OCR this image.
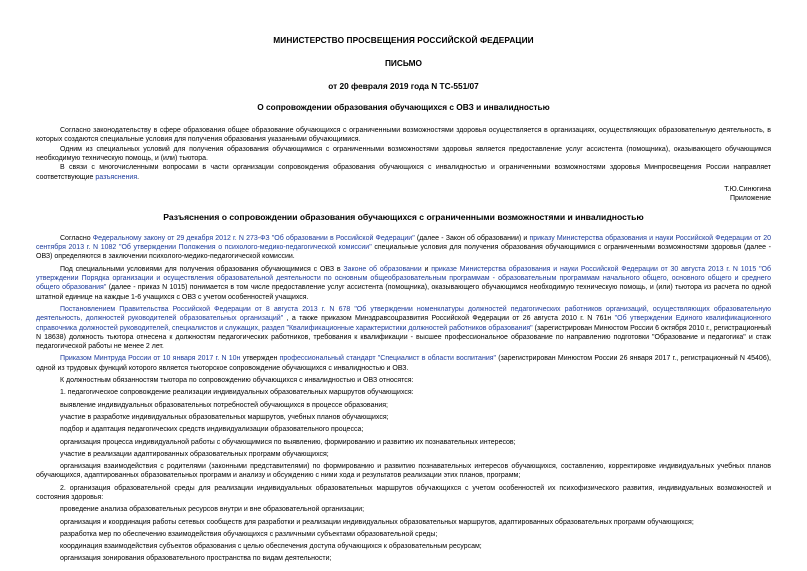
МИНИСТЕРСТВО ПРОСВЕЩЕНИЯ РОССИЙСКОЙ ФЕДЕРАЦИИ
ПИСЬМО
от 20 февраля 2019 года N ТС-551/07
О сопровождении образования обучающихся с ОВЗ и инвалидностью

Согласно законодательству в сфере образования общее образование обучающихся с ограниченными возможностями здоровья осуществляется в организациях, осуществляющих образовательную деятельность, в которых создаются специальные условия для получения образования указанными обучающимися.

Одним из специальных условий для получения образования обучающимися с ограниченными возможностями здоровья является предоставление услуг ассистента (помощника), оказывающего обучающимся необходимую техническую помощь, и (или) тьютора.

В связи с многочисленными вопросами в части организации сопровождения образования обучающихся с инвалидностью и ограниченными возможностями здоровья Минпросвещения России направляет соответствующие разъяснения.

Т.Ю.Синюгина
Приложение
Разъяснения о сопровождении образования обучающихся с ограниченными возможностями и инвалидностью

Согласно Федеральному закону от 29 декабря 2012 г. N 273-ФЗ "Об образовании в Российской Федерации" (далее - Закон об образовании) и приказу Министерства образования и науки Российской Федерации от 20 сентября 2013 г. N 1082 "Об утверждении Положения о психолого-медико-педагогической комиссии" специальные условия для получения образования обучающимися с ограниченными возможностями здоровья (далее - ОВЗ) определяются в заключении психолого-медико-педагогической комиссии.

Под специальными условиями для получения образования обучающимися с ОВЗ в Законе об образовании и приказе Министерства образования и науки Российской Федерации от 30 августа 2013 г. N 1015 "Об утверждении Порядка организации и осуществления образовательной деятельности по основным общеобразовательным программам - образовательным программам начального общего, основного общего и среднего общего образования" (далее - приказ N 1015) понимается в том числе предоставление услуг ассистента (помощника), оказывающего обучающимся необходимую техническую помощь, и (или) тьютора из расчета по одной штатной единице на каждые 1-6 учащихся с ОВЗ с учетом особенностей учащихся.

Постановлением Правительства Российской Федерации от 8 августа 2013 г. N 678 "Об утверждении номенклатуры должностей педагогических работников организаций, осуществляющих образовательную деятельность, должностей руководителей образовательных организаций" , а также приказом Минздравсоцразвития Российской Федерации от 26 августа 2010 г. N 761н "Об утверждении Единого квалификационного справочника должностей руководителей, специалистов и служащих, раздел "Квалификационные характеристики должностей работников образования" (зарегистрирован Минюстом России 6 октября 2010 г., регистрационный N 18638) должность тьютора отнесена к должностям педагогических работников, требования к квалификации - высшее профессиональное образование по направлению подготовки "Образование и педагогика" и стаж педагогической работы не менее 2 лет.

Приказом Минтруда России от 10 января 2017 г. N 10н утвержден профессиональный стандарт "Специалист в области воспитания" (зарегистрирован Минюстом России 26 января 2017 г., регистрационный N 45406), одной из трудовых функций которого является тьюторское сопровождение обучающихся с инвалидностью и ОВЗ.

К должностным обязанностям тьютора по сопровождению обучающихся с инвалидностью и ОВЗ относятся:

1. педагогическое сопровождение реализации индивидуальных образовательных маршрутов обучающихся:

выявление индивидуальных образовательных потребностей обучающихся в процессе образования;

участие в разработке индивидуальных образовательных маршрутов, учебных планов обучающихся;

подбор и адаптация педагогических средств индивидуализации образовательного процесса;

организация процесса индивидуальной работы с обучающимися по выявлению, формированию и развитию их познавательных интересов;

участие в реализации адаптированных образовательных программ обучающихся;

организация взаимодействия с родителями (законными представителями) по формированию и развитию познавательных интересов обучающихся, составлению, корректировке индивидуальных учебных планов обучающихся, адаптированных образовательных программ и анализу и обсуждению с ними хода и результатов реализации этих планов, программ;

2. организация образовательной среды для реализации индивидуальных образовательных маршрутов обучающихся с учетом особенностей их психофизического развития, индивидуальных возможностей и состояния здоровья:

проведение анализа образовательных ресурсов внутри и вне образовательной организации;

организация и координация работы сетевых сообществ для разработки и реализации индивидуальных образовательных маршрутов, адаптированных образовательных программ обучающихся;

разработка мер по обеспечению взаимодействия обучающихся с различными субъектами образовательной среды;

координация взаимодействия субъектов образования с целью обеспечения доступа обучающихся к образовательным ресурсам;

организация зонирования образовательного пространства по видам деятельности;
